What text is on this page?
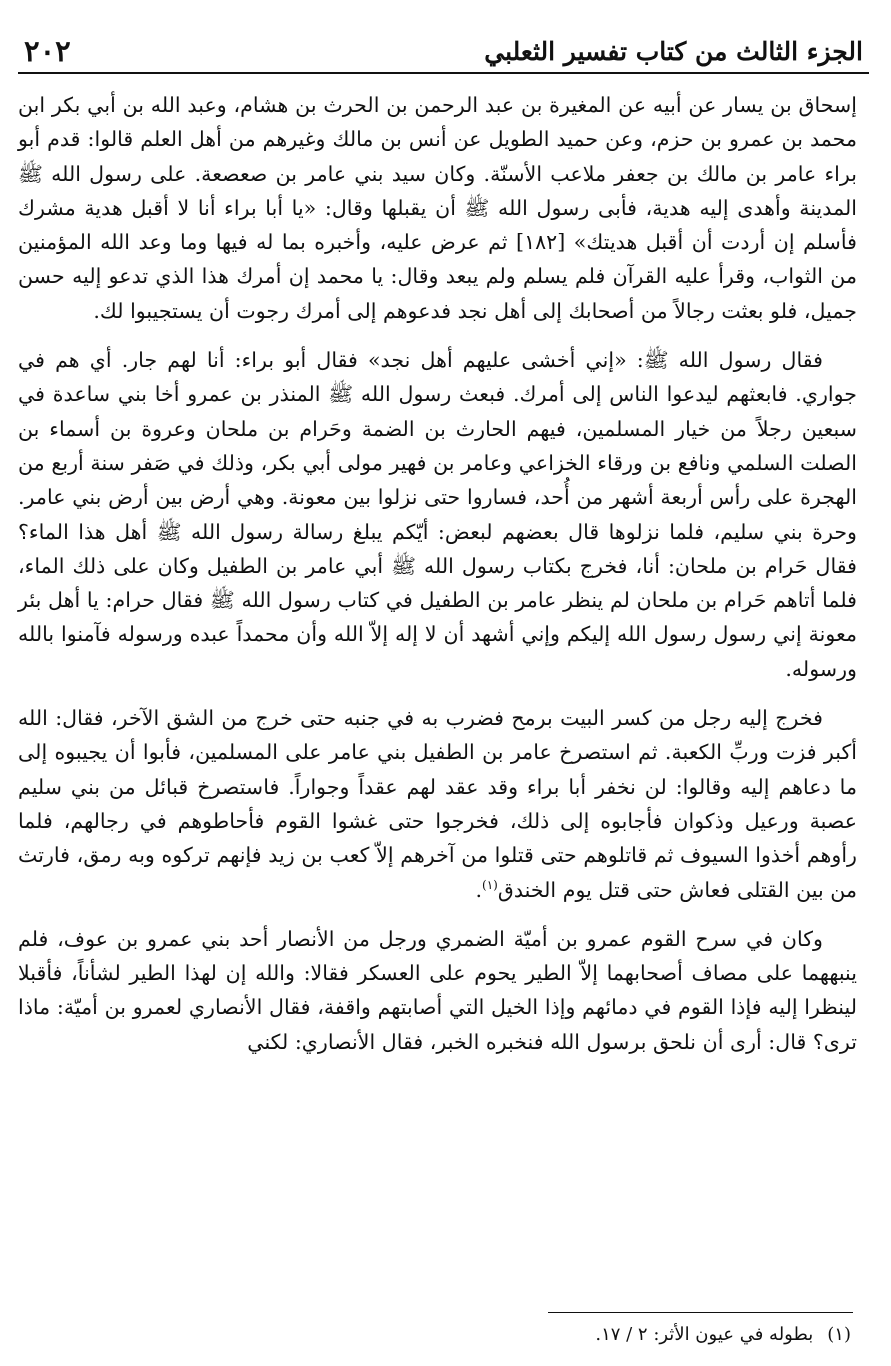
الجزء الثالث من كتاب تفسير الثعلبي
٢٠٢

إسحاق بن يسار عن أبيه عن المغيرة بن عبد الرحمن بن الحرث بن هشام، وعبد الله بن أبي بكر ابن محمد بن عمرو بن حزم، وعن حميد الطويل عن أنس بن مالك وغيرهم من أهل العلم قالوا: قدم أبو براء عامر بن مالك بن جعفر ملاعب الأسنّة. وكان سيد بني عامر بن صعصعة. على رسول الله ﷺ المدينة وأهدى إليه هدية، فأبى رسول الله ﷺ أن يقبلها وقال: «يا أبا براء أنا لا أقبل هدية مشرك فأسلم إن أردت أن أقبل هديتك» [١٨٢] ثم عرض عليه، وأخبره بما له فيها وما وعد الله المؤمنين من الثواب، وقرأ عليه القرآن فلم يسلم ولم يبعد وقال: يا محمد إن أمرك هذا الذي تدعو إليه حسن جميل، فلو بعثت رجالاً من أصحابك إلى أهل نجد فدعوهم إلى أمرك رجوت أن يستجيبوا لك.

فقال رسول الله ﷺ: «إني أخشى عليهم أهل نجد» فقال أبو براء: أنا لهم جار. أي هم في جواري. فابعثهم ليدعوا الناس إلى أمرك. فبعث رسول الله ﷺ المنذر بن عمرو أخا بني ساعدة في سبعين رجلاً من خيار المسلمين، فيهم الحارث بن الضمة وحَرام بن ملحان وعروة بن أسماء بن الصلت السلمي ونافع بن ورقاء الخزاعي وعامر بن فهير مولى أبي بكر، وذلك في صَفر سنة أربع من الهجرة على رأس أربعة أشهر من أُحد، فساروا حتى نزلوا بين معونة. وهي أرض بين أرض بني عامر. وحرة بني سليم، فلما نزلوها قال بعضهم لبعض: أيّكم يبلغ رسالة رسول الله ﷺ أهل هذا الماء؟ فقال حَرام بن ملحان: أنا، فخرج بكتاب رسول الله ﷺ أبي عامر بن الطفيل وكان على ذلك الماء، فلما أتاهم حَرام بن ملحان لم ينظر عامر بن الطفيل في كتاب رسول الله ﷺ فقال حرام: يا أهل بئر معونة إني رسول رسول الله إليكم وإني أشهد أن لا إله إلاّ الله وأن محمداً عبده ورسوله فآمنوا بالله ورسوله.

فخرج إليه رجل من كسر البيت برمح فضرب به في جنبه حتى خرج من الشق الآخر، فقال: الله أكبر فزت وربِّ الكعبة. ثم استصرخ عامر بن الطفيل بني عامر على المسلمين، فأبوا أن يجيبوه إلى ما دعاهم إليه وقالوا: لن نخفر أبا براء وقد عقد لهم عقداً وجواراً. فاستصرخ قبائل من بني سليم عصبة ورعيل وذكوان فأجابوه إلى ذلك، فخرجوا حتى غشوا القوم فأحاطوهم في رجالهم، فلما رأوهم أخذوا السيوف ثم قاتلوهم حتى قتلوا من آخرهم إلاّ كعب بن زيد فإنهم تركوه وبه رمق، فارتث من بين القتلى فعاش حتى قتل يوم الخندق$^{(١)}$.

وكان في سرح القوم عمرو بن أميّة الضمري ورجل من الأنصار أحد بني عمرو بن عوف، فلم ينبههما على مصاف أصحابهما إلاّ الطير يحوم على العسكر فقالا: والله إن لهذا الطير لشأناً، فأقبلا لينظرا إليه فإذا القوم في دمائهم وإذا الخيل التي أصابتهم واقفة، فقال الأنصاري لعمرو بن أميّة: ماذا ترى؟ قال: أرى أن نلحق برسول الله فنخبره الخبر، فقال الأنصاري: لكني

(١)بطوله في عيون الأثر: ٢ / ١٧.
